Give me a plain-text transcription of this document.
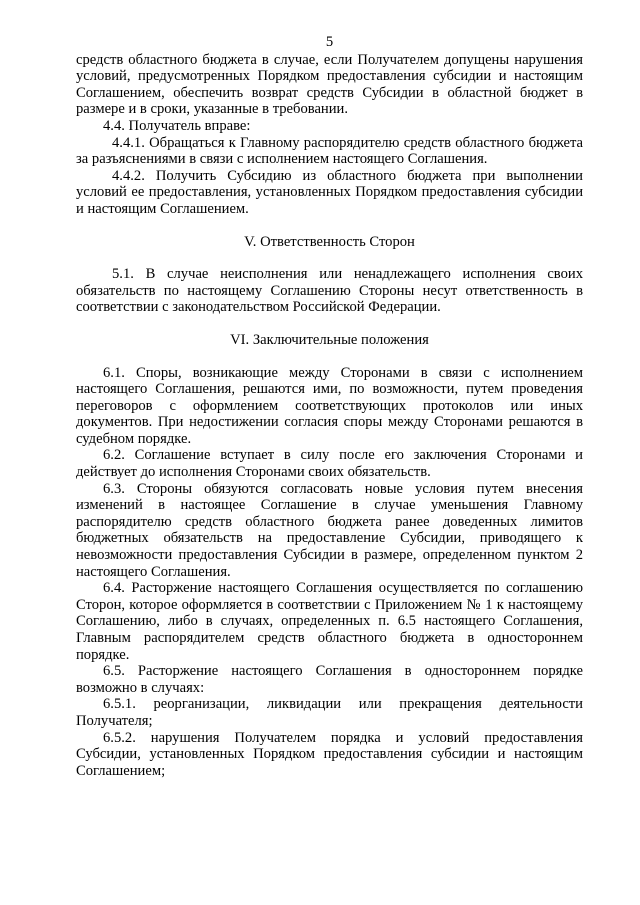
5

средств областного бюджета в случае, если Получателем допущены нарушения условий, предусмотренных Порядком предоставления субсидии и настоящим Соглашением, обеспечить возврат средств Субсидии в областной бюджет в размере и в сроки, указанные в требовании.

4.4. Получатель вправе:

4.4.1. Обращаться к Главному распорядителю средств областного бюджета за разъяснениями в связи с исполнением настоящего Соглашения.

4.4.2. Получить Субсидию из областного бюджета при выполнении условий ее предоставления, установленных Порядком предоставления субсидии и настоящим Соглашением.

V. Ответственность Сторон

5.1. В случае неисполнения или ненадлежащего исполнения своих обязательств по настоящему Соглашению Стороны несут ответственность в соответствии с законодательством Российской Федерации.

VI. Заключительные положения

6.1. Споры, возникающие между Сторонами в связи с исполнением настоящего Соглашения, решаются ими, по возможности, путем проведения переговоров с оформлением соответствующих протоколов или иных документов. При недостижении согласия споры между Сторонами решаются в судебном порядке.

6.2. Соглашение вступает в силу после его заключения Сторонами и действует до исполнения Сторонами своих обязательств.

6.3. Стороны обязуются согласовать новые условия путем внесения изменений в настоящее Соглашение в случае уменьшения Главному распорядителю средств областного бюджета ранее доведенных лимитов бюджетных обязательств на предоставление Субсидии, приводящего к невозможности предоставления Субсидии в размере, определенном пунктом 2 настоящего Соглашения.

6.4. Расторжение настоящего Соглашения осуществляется по соглашению Сторон, которое оформляется в соответствии с Приложением № 1 к настоящему Соглашению, либо в случаях, определенных п. 6.5 настоящего Соглашения, Главным распорядителем средств областного бюджета в одностороннем порядке.

6.5. Расторжение настоящего Соглашения в одностороннем порядке возможно в случаях:

6.5.1. реорганизации, ликвидации или прекращения деятельности Получателя;

6.5.2. нарушения Получателем порядка и условий предоставления Субсидии, установленных Порядком предоставления субсидии и настоящим Соглашением;
